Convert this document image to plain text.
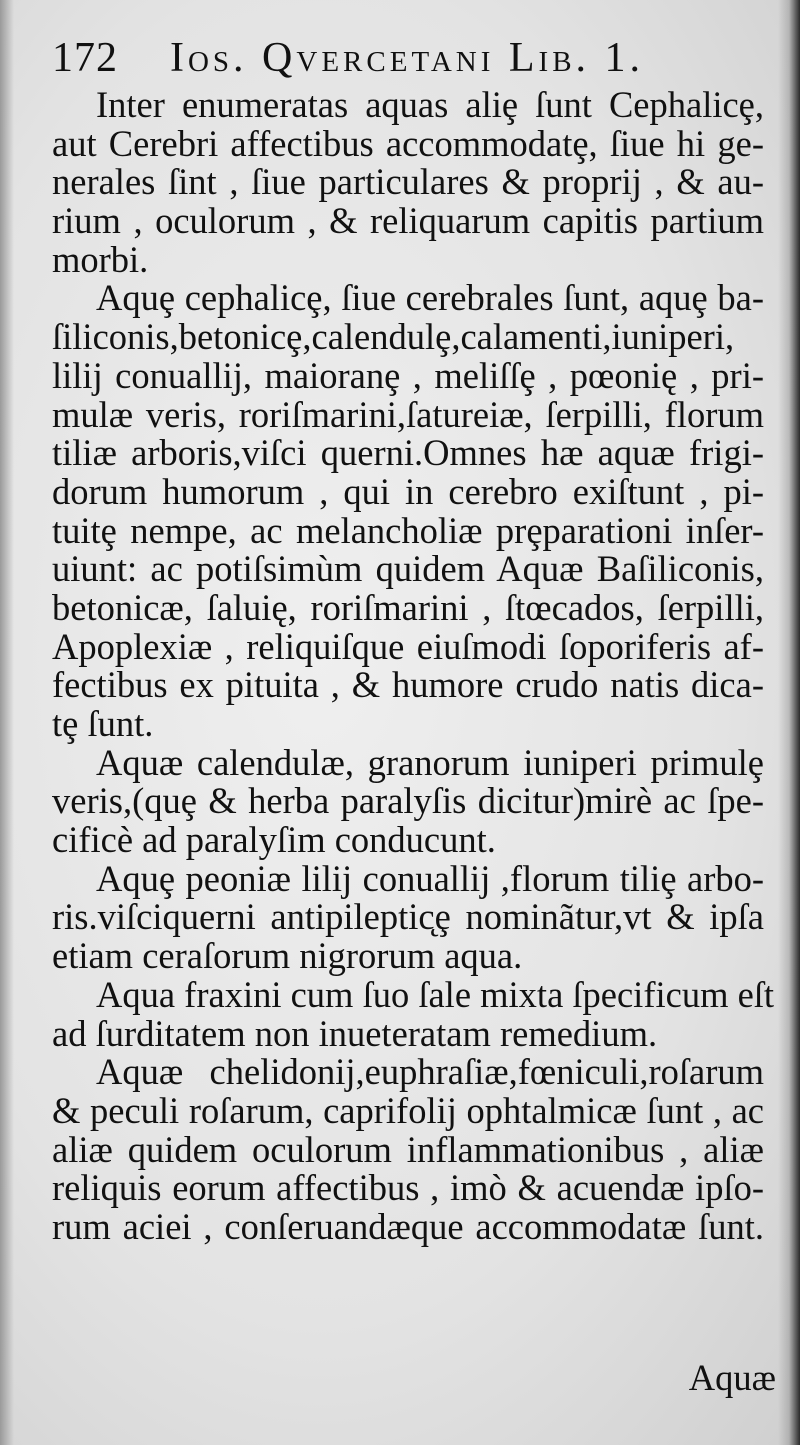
172 Ios. Qvercetani Lib. 1.
Inter enumeratas aquas aliȩ ſunt Cephalicȩ,
aut Cerebri affectibus accommodatȩ, ſiue hi ge-
nerales ſint , ſiue particulares & proprij , & au-
rium , oculorum , & reliquarum capitis partium
morbi.
Aquȩ cephalicȩ, ſiue cerebrales ſunt, aquȩ ba-
ſiliconis,betonicȩ,calendulȩ,calamenti,iuniperi,
lilij conuallij, maioranȩ , meliſſȩ , pœonię , pri-
mulæ veris, roriſmarini,ſatureiæ, ſerpilli, florum
tiliæ arboris,viſci querni.Omnes hæ aquæ frigi-
dorum humorum , qui in cerebro exiſtunt , pi-
tuitȩ nempe, ac melancholiæ prȩparationi inſer-
uiunt: ac potiſsimùm quidem Aquæ Baſiliconis,
betonicæ, ſaluię, roriſmarini , ſtœcados, ſerpilli,
Apoplexiæ , reliquiſque eiuſmodi ſoporiferis af-
fectibus ex pituita , & humore crudo natis dica-
tȩ ſunt.
Aquæ calendulæ, granorum iuniperi primulȩ
veris,(quȩ & herba paralyſis dicitur)mirè ac ſpe-
cificè ad paralyſim conducunt.
Aquȩ peoniæ lilij conuallij ,florum tiliȩ arbo-
ris.viſciquerni antipileptic̨ȩ nominãtur,vt & ipſa
etiam ceraſorum nigrorum aqua.
Aqua fraxini cum ſuo ſale mixta ſpecificum eſt
ad ſurditatem non inueteratam remedium.
Aquæ chelidonij,euphraſiæ,fœniculi,roſarum
& peculi roſarum, caprifolij ophtalmicæ ſunt , ac
aliæ quidem oculorum inflammationibus , aliæ
reliquis eorum affectibus , imò & acuendæ ipſo-
rum aciei , conſeruandæque accommodatæ ſunt.
Aquæ
